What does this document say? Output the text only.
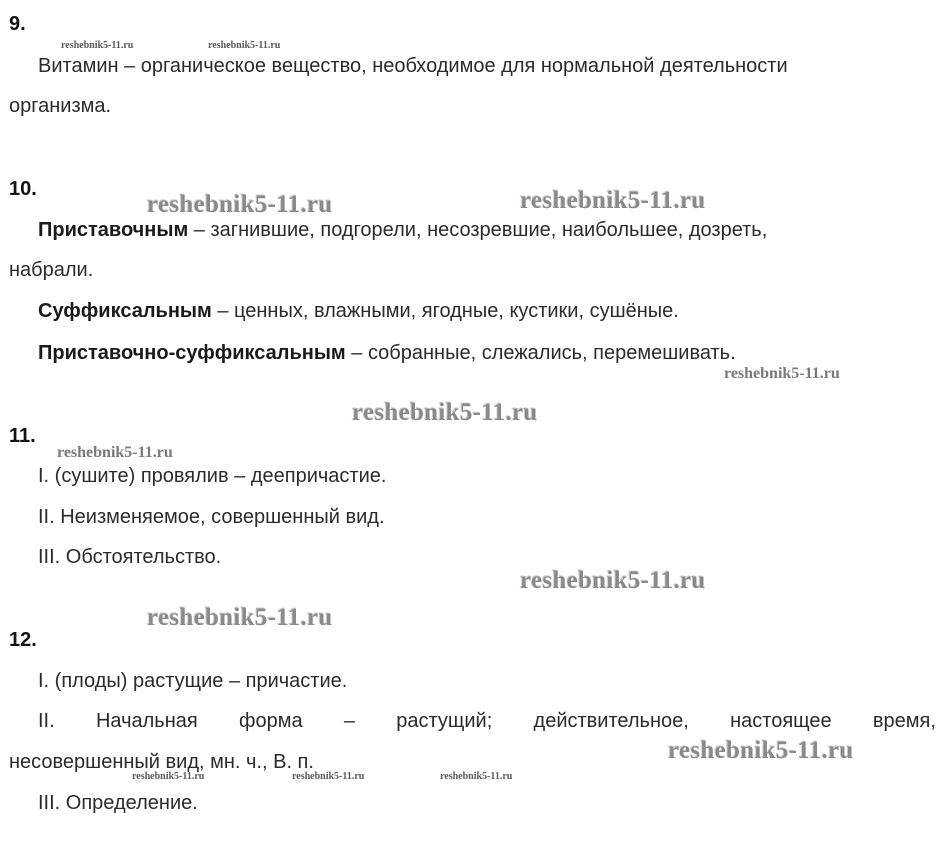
9.
Витамин – органическое вещество, необходимое для нормальной деятельности
организма.
10.
Приставочным – загнившие, подгорели, несозревшие, наибольшее, дозреть,
набрали.
Суффиксальным – ценных, влажными, ягодные, кустики, сушёные.
Приставочно-суффиксальным – собранные, слежались, перемешивать.
11.
I. (сушите) провялив – деепричастие.
II. Неизменяемое, совершенный вид.
III. Обстоятельство.
12.
I. (плоды) растущие – причастие.
II. Начальная форма – растущий; действительное, настоящее время,
несовершенный вид, мн. ч., В. п.
III. Определение.
reshebnik5-11.ru	reshebnik5-11.ru
reshebnik5-11.ru	reshebnik5-11.ru
reshebnik5-11.ru
reshebnik5-11.ru
reshebnik5-11.ru
reshebnik5-11.ru
reshebnik5-11.ru
reshebnik5-11.ru
reshebnik5-11.ru	reshebnik5-11.ru	reshebnik5-11.ru
